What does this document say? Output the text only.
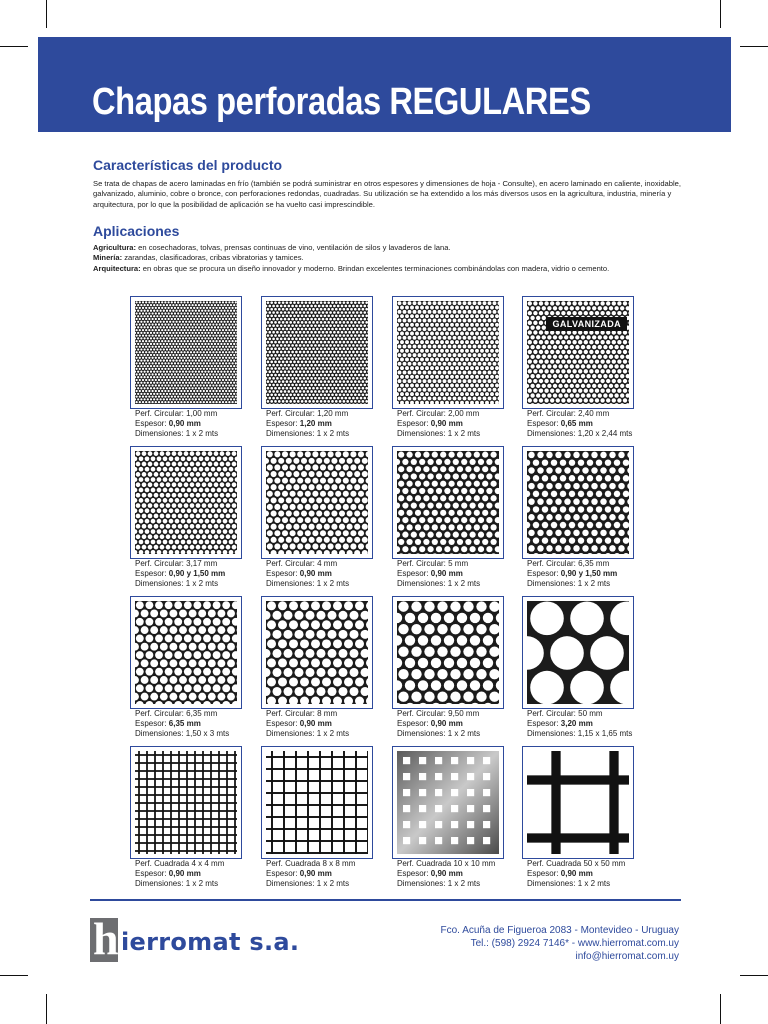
Chapas perforadas REGULARES
Características del producto
Se trata de chapas de acero laminadas en frío (también se podrá suministrar en otros espesores y dimensiones de hoja - Consulte), en acero laminado en caliente, inoxidable, galvanizado, aluminio, cobre o bronce, con perforaciones redondas, cuadradas. Su utilización se ha extendido a los más diversos usos en la agricultura, industria, minería y arquitectura, por lo que la posibilidad de aplicación se ha vuelto casi imprescindible.
Aplicaciones
Agricultura: en cosechadoras, tolvas, prensas continuas de vino, ventilación de silos y lavaderos de lana.
Minería: zarandas, clasificadoras, cribas vibratorias y tamices.
Arquitectura: en obras que se procura un diseño innovador y moderno. Brindan excelentes terminaciones combinándolas con madera, vidrio o cemento.
Perf. Circular: 1,00 mm
Espesor: 0,90 mm
Dimensiones: 1 x 2 mts
Perf. Circular: 1,20 mm
Espesor: 1,20 mm
Dimensiones: 1 x 2 mts
Perf. Circular: 2,00 mm
Espesor: 0,90 mm
Dimensiones: 1 x 2 mts
GALVANIZADA
Perf. Circular: 2,40 mm
Espesor: 0,65 mm
Dimensiones: 1,20 x 2,44 mts
Perf. Circular: 3,17 mm
Espesor: 0,90 y 1,50 mm
Dimensiones: 1 x 2 mts
Perf. Circular: 4 mm
Espesor: 0,90 mm
Dimensiones: 1 x 2 mts
Perf. Circular: 5 mm
Espesor: 0,90 mm
Dimensiones: 1 x 2 mts
Perf. Circular: 6,35 mm
Espesor: 0,90 y 1,50 mm
Dimensiones: 1 x 2 mts
Perf. Circular: 6,35 mm
Espesor: 6,35 mm
Dimensiones: 1,50 x 3 mts
Perf. Circular: 8 mm
Espesor: 0,90 mm
Dimensiones: 1 x 2 mts
Perf. Circular: 9,50 mm
Espesor: 0,90 mm
Dimensiones: 1 x 2 mts
Perf. Circular: 50 mm
Espesor: 3,20 mm
Dimensiones: 1,15 x 1,65 mts
Perf. Cuadrada 4 x 4 mm
Espesor: 0,90 mm
Dimensiones: 1 x 2 mts
Perf. Cuadrada 8 x 8 mm
Espesor: 0,90 mm
Dimensiones: 1 x 2 mts
Perf. Cuadrada 10 x 10 mm
Espesor: 0,90 mm
Dimensiones: 1 x 2 mts
Perf. Cuadrada 50 x 50 mm
Espesor: 0,90 mm
Dimensiones: 1 x 2 mts
h ierromat s.a.	Fco. Acuña de Figueroa 2083 - Montevideo - Uruguay
Tel.: (598) 2924 7146* - www.hierromat.com.uy
info@hierromat.com.uy
